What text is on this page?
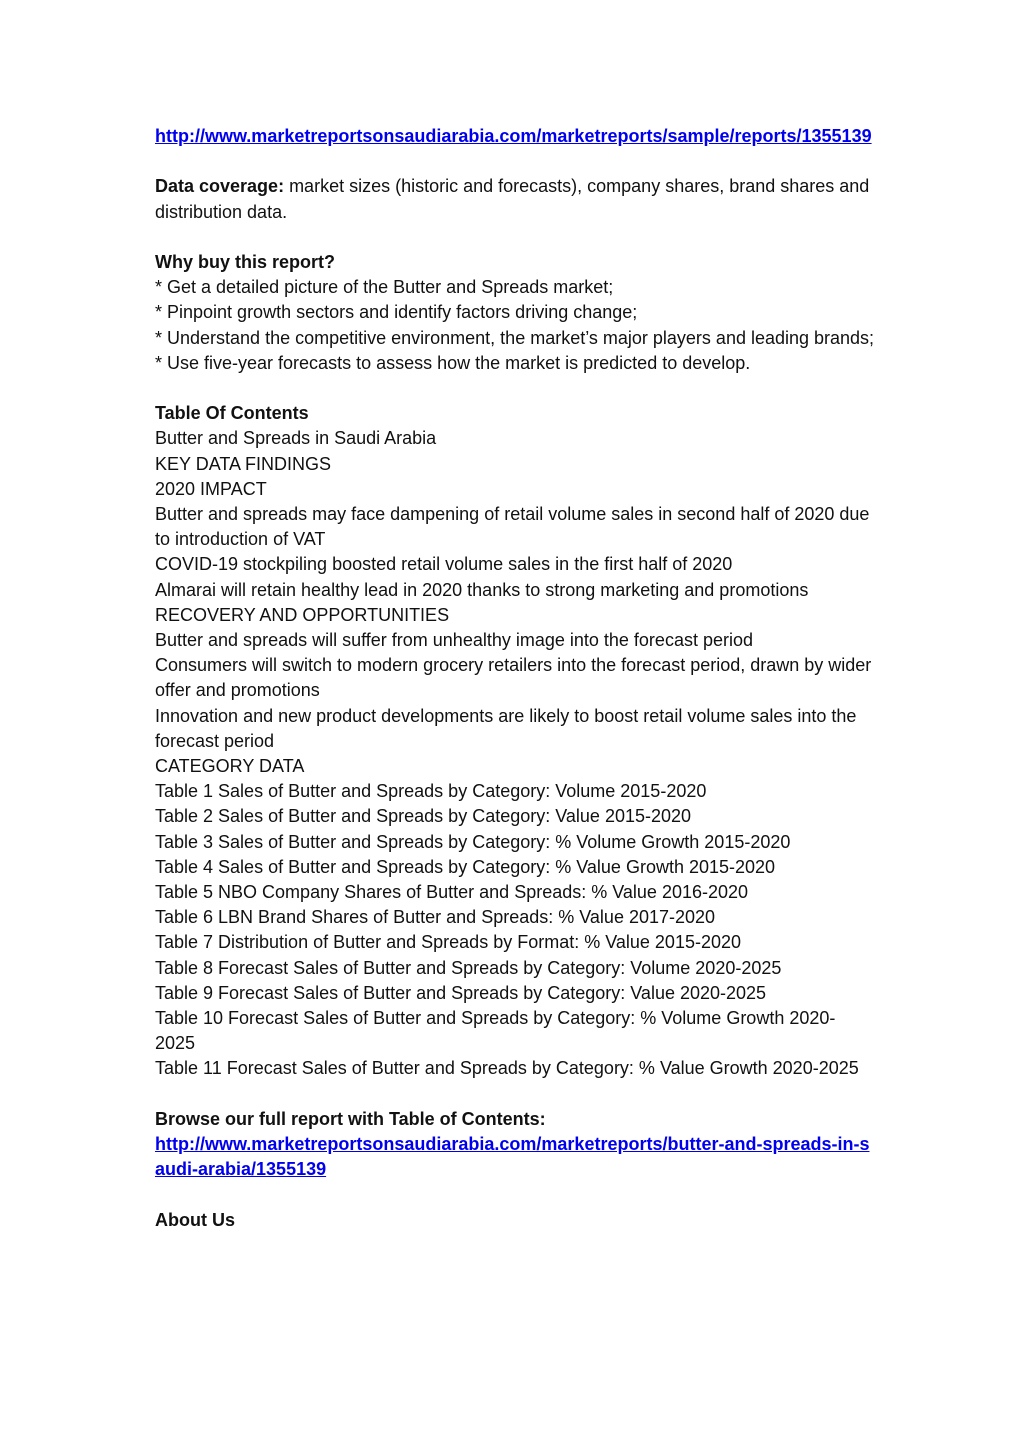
http://www.marketreportsonsaudiarabia.com/marketreports/sample/reports/1355139

Data coverage: market sizes (historic and forecasts), company shares, brand shares and distribution data.

Why buy this report?

* Get a detailed picture of the Butter and Spreads market;

* Pinpoint growth sectors and identify factors driving change;

* Understand the competitive environment, the market’s major players and leading brands;

* Use five-year forecasts to assess how the market is predicted to develop.

Table Of Contents

Butter and Spreads in Saudi Arabia

KEY DATA FINDINGS

2020 IMPACT

Butter and spreads may face dampening of retail volume sales in second half of 2020 due to introduction of VAT

COVID-19 stockpiling boosted retail volume sales in the first half of 2020

Almarai will retain healthy lead in 2020 thanks to strong marketing and promotions

RECOVERY AND OPPORTUNITIES

Butter and spreads will suffer from unhealthy image into the forecast period

Consumers will switch to modern grocery retailers into the forecast period, drawn by wider offer and promotions

Innovation and new product developments are likely to boost retail volume sales into the forecast period

CATEGORY DATA

Table 1 Sales of Butter and Spreads by Category: Volume 2015-2020

Table 2 Sales of Butter and Spreads by Category: Value 2015-2020

Table 3 Sales of Butter and Spreads by Category: % Volume Growth 2015-2020

Table 4 Sales of Butter and Spreads by Category: % Value Growth 2015-2020

Table 5 NBO Company Shares of Butter and Spreads: % Value 2016-2020

Table 6 LBN Brand Shares of Butter and Spreads: % Value 2017-2020

Table 7 Distribution of Butter and Spreads by Format: % Value 2015-2020

Table 8 Forecast Sales of Butter and Spreads by Category: Volume 2020-2025

Table 9 Forecast Sales of Butter and Spreads by Category: Value 2020-2025

Table 10 Forecast Sales of Butter and Spreads by Category: % Volume Growth 2020-2025

Table 11 Forecast Sales of Butter and Spreads by Category: % Value Growth 2020-2025

Browse our full report with Table of Contents:

http://www.marketreportsonsaudiarabia.com/marketreports/butter-and-spreads-in-saudi-arabia/1355139

About Us
